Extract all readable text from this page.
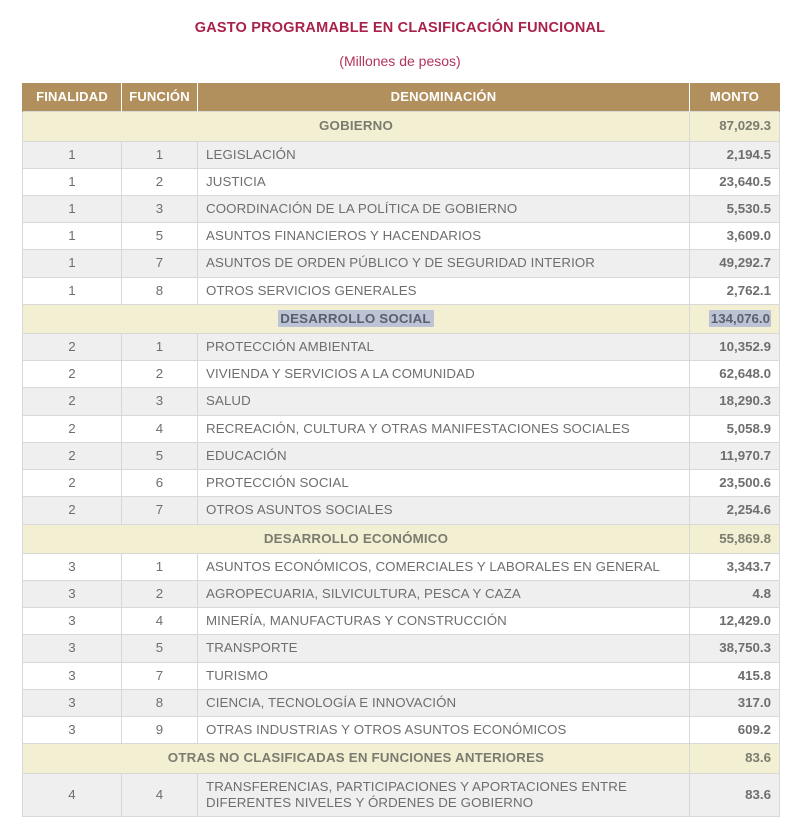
GASTO PROGRAMABLE EN CLASIFICACIÓN FUNCIONAL
(Millones de pesos)
FINALIDAD	FUNCIÓN	DENOMINACIÓN	MONTO
GOBIERNO			87,029.3
1	1	LEGISLACIÓN	2,194.5
1	2	JUSTICIA	23,640.5
1	3	COORDINACIÓN DE LA POLÍTICA DE GOBIERNO	5,530.5
1	5	ASUNTOS FINANCIEROS Y HACENDARIOS	3,609.0
1	7	ASUNTOS DE ORDEN PÚBLICO Y DE SEGURIDAD INTERIOR	49,292.7
1	8	OTROS SERVICIOS GENERALES	2,762.1
DESARROLLO SOCIAL			134,076.0
2	1	PROTECCIÓN AMBIENTAL	10,352.9
2	2	VIVIENDA Y SERVICIOS A LA COMUNIDAD	62,648.0
2	3	SALUD	18,290.3
2	4	RECREACIÓN, CULTURA Y OTRAS MANIFESTACIONES SOCIALES	5,058.9
2	5	EDUCACIÓN	11,970.7
2	6	PROTECCIÓN SOCIAL	23,500.6
2	7	OTROS ASUNTOS SOCIALES	2,254.6
DESARROLLO ECONÓMICO			55,869.8
3	1	ASUNTOS ECONÓMICOS, COMERCIALES Y LABORALES EN GENERAL	3,343.7
3	2	AGROPECUARIA, SILVICULTURA, PESCA Y CAZA	4.8
3	4	MINERÍA, MANUFACTURAS Y CONSTRUCCIÓN	12,429.0
3	5	TRANSPORTE	38,750.3
3	7	TURISMO	415.8
3	8	CIENCIA, TECNOLOGÍA E INNOVACIÓN	317.0
3	9	OTRAS INDUSTRIAS Y OTROS ASUNTOS ECONÓMICOS	609.2
OTRAS NO CLASIFICADAS EN FUNCIONES ANTERIORES			83.6
4	4	TRANSFERENCIAS, PARTICIPACIONES Y APORTACIONES ENTRE DIFERENTES NIVELES Y ÓRDENES DE GOBIERNO	83.6
